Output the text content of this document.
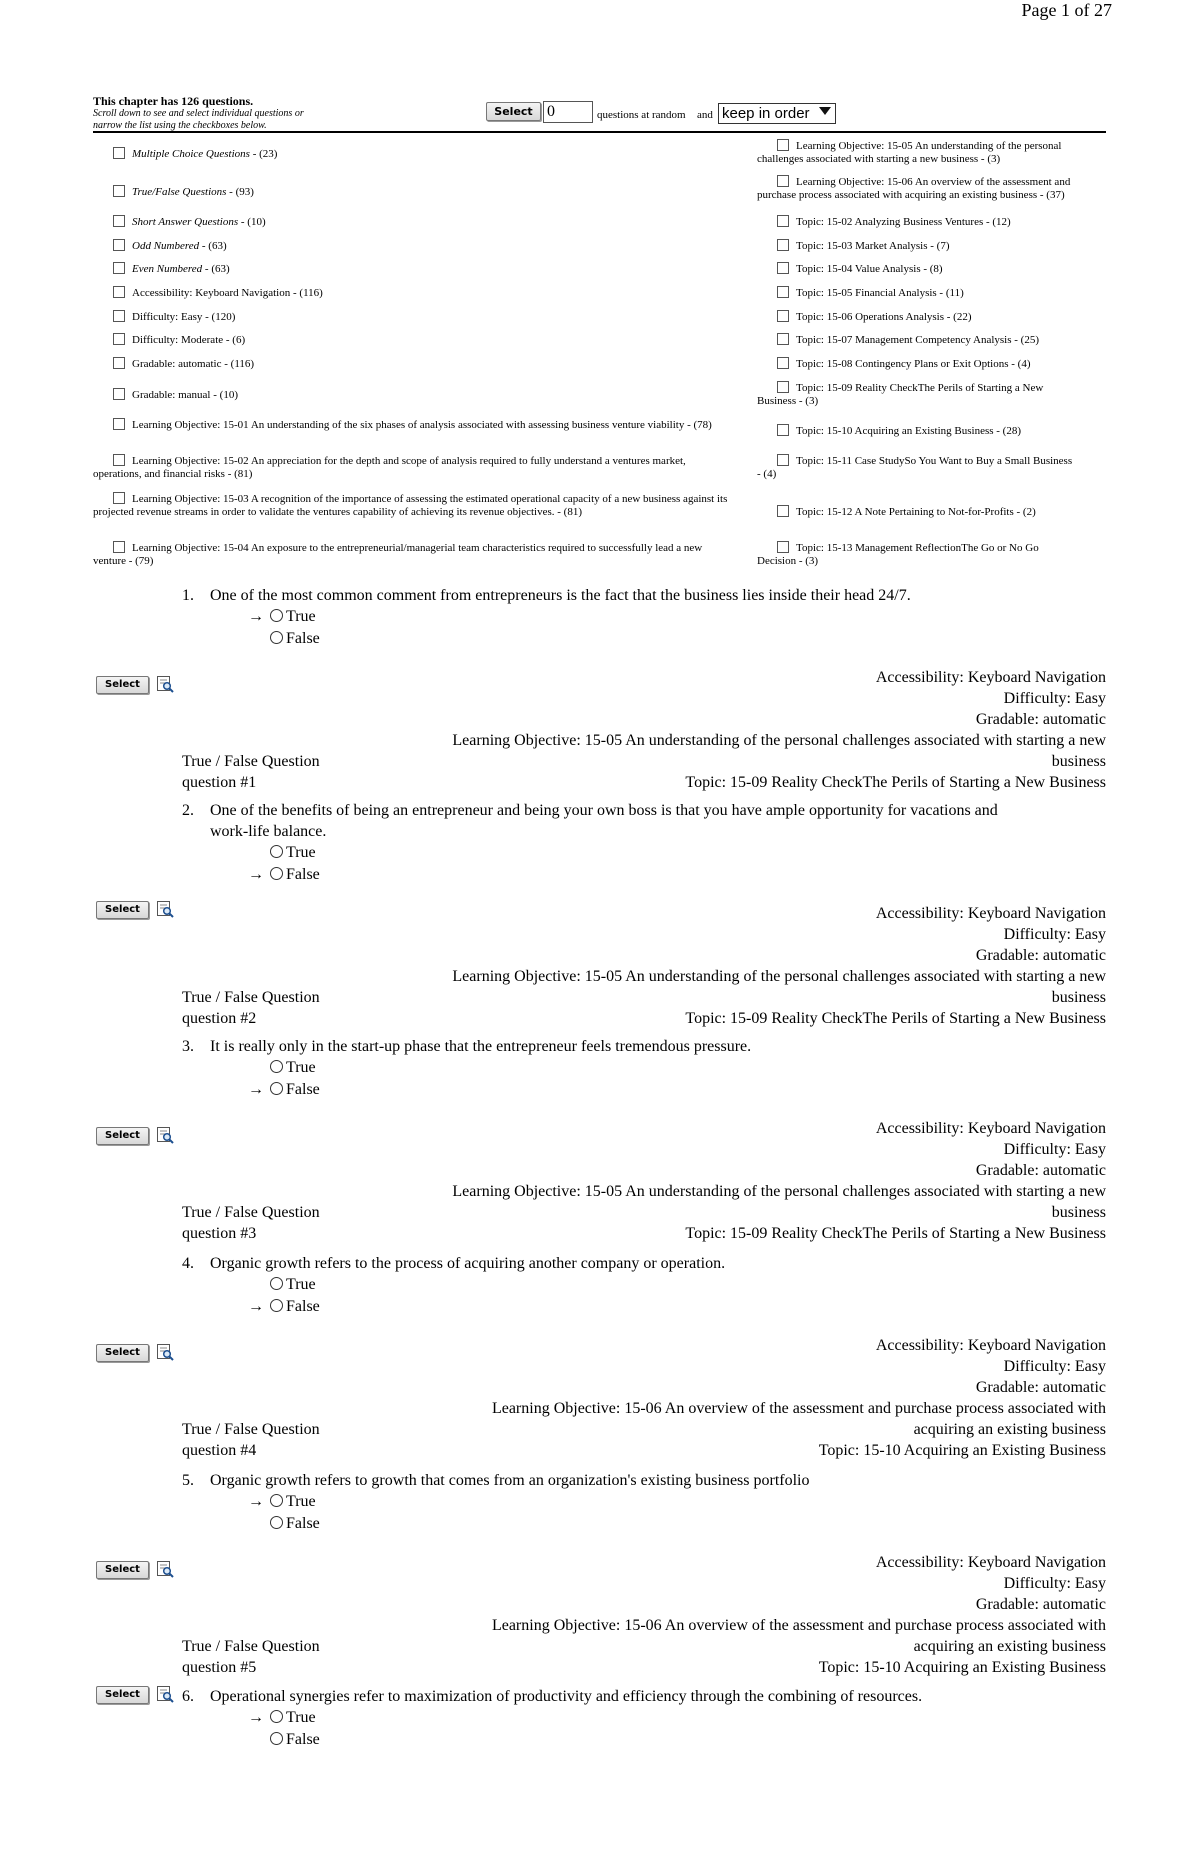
Page 1 of 27
This chapter has 126 questions.
Scroll down to see and select individual questions or narrow the list using the checkboxes below.
Select 0	questions at random and keep in order
Multiple Choice Questions - (23)
True/False Questions - (93)
Short Answer Questions - (10)
Odd Numbered - (63)
Even Numbered - (63)
Accessibility: Keyboard Navigation - (116)
Difficulty: Easy - (120)
Difficulty: Moderate - (6)
Gradable: automatic - (116)
Gradable: manual - (10)
Learning Objective: 15-01 An understanding of the six phases of analysis associated with assessing business venture viability - (78)
Learning Objective: 15-02 An appreciation for the depth and scope of analysis required to fully understand a ventures market, operations, and financial risks - (81)
Learning Objective: 15-03 A recognition of the importance of assessing the estimated operational capacity of a new business against its projected revenue streams in order to validate the ventures capability of achieving its revenue objectives. - (81)
Learning Objective: 15-04 An exposure to the entrepreneurial/managerial team characteristics required to successfully lead a new venture - (79)
Learning Objective: 15-05 An understanding of the personal challenges associated with starting a new business - (3)
Learning Objective: 15-06 An overview of the assessment and purchase process associated with acquiring an existing business - (37)
Topic: 15-02 Analyzing Business Ventures - (12)
Topic: 15-03 Market Analysis - (7)
Topic: 15-04 Value Analysis - (8)
Topic: 15-05 Financial Analysis - (11)
Topic: 15-06 Operations Analysis - (22)
Topic: 15-07 Management Competency Analysis - (25)
Topic: 15-08 Contingency Plans or Exit Options - (4)
Topic: 15-09 Reality CheckThe Perils of Starting a New Business - (3)
Topic: 15-10 Acquiring an Existing Business - (28)
Topic: 15-11 Case StudySo You Want to Buy a Small Business - (4)
Topic: 15-12 A Note Pertaining to Not-for-Profits - (2)
Topic: 15-13 Management ReflectionThe Go or No Go Decision - (3)
1. One of the most common comment from entrepreneurs is the fact that the business lies inside their head 24/7.
→ True
False
Select	Accessibility: Keyboard Navigation
Difficulty: Easy
Gradable: automatic
Learning Objective: 15-05 An understanding of the personal challenges associated with starting a new
business
Topic: 15-09 Reality CheckThe Perils of Starting a New Business
True / False Question
question #1
2. One of the benefits of being an entrepreneur and being your own boss is that you have ample opportunity for vacations and
work-life balance.
True
→ False
Select	Accessibility: Keyboard Navigation
Difficulty: Easy
Gradable: automatic
Learning Objective: 15-05 An understanding of the personal challenges associated with starting a new
business
Topic: 15-09 Reality CheckThe Perils of Starting a New Business
True / False Question
question #2
3. It is really only in the start-up phase that the entrepreneur feels tremendous pressure.
True
→ False
Select	Accessibility: Keyboard Navigation
Difficulty: Easy
Gradable: automatic
Learning Objective: 15-05 An understanding of the personal challenges associated with starting a new
business
Topic: 15-09 Reality CheckThe Perils of Starting a New Business
True / False Question
question #3
4. Organic growth refers to the process of acquiring another company or operation.
True
→ False
Select	Accessibility: Keyboard Navigation
Difficulty: Easy
Gradable: automatic
Learning Objective: 15-06 An overview of the assessment and purchase process associated with
acquiring an existing business
Topic: 15-10 Acquiring an Existing Business
True / False Question
question #4
5. Organic growth refers to growth that comes from an organization's existing business portfolio
→ True
False
Select	Accessibility: Keyboard Navigation
Difficulty: Easy
Gradable: automatic
Learning Objective: 15-06 An overview of the assessment and purchase process associated with
acquiring an existing business
Topic: 15-10 Acquiring an Existing Business
True / False Question
question #5
6. Operational synergies refer to maximization of productivity and efficiency through the combining of resources.
→ True
False
Select
